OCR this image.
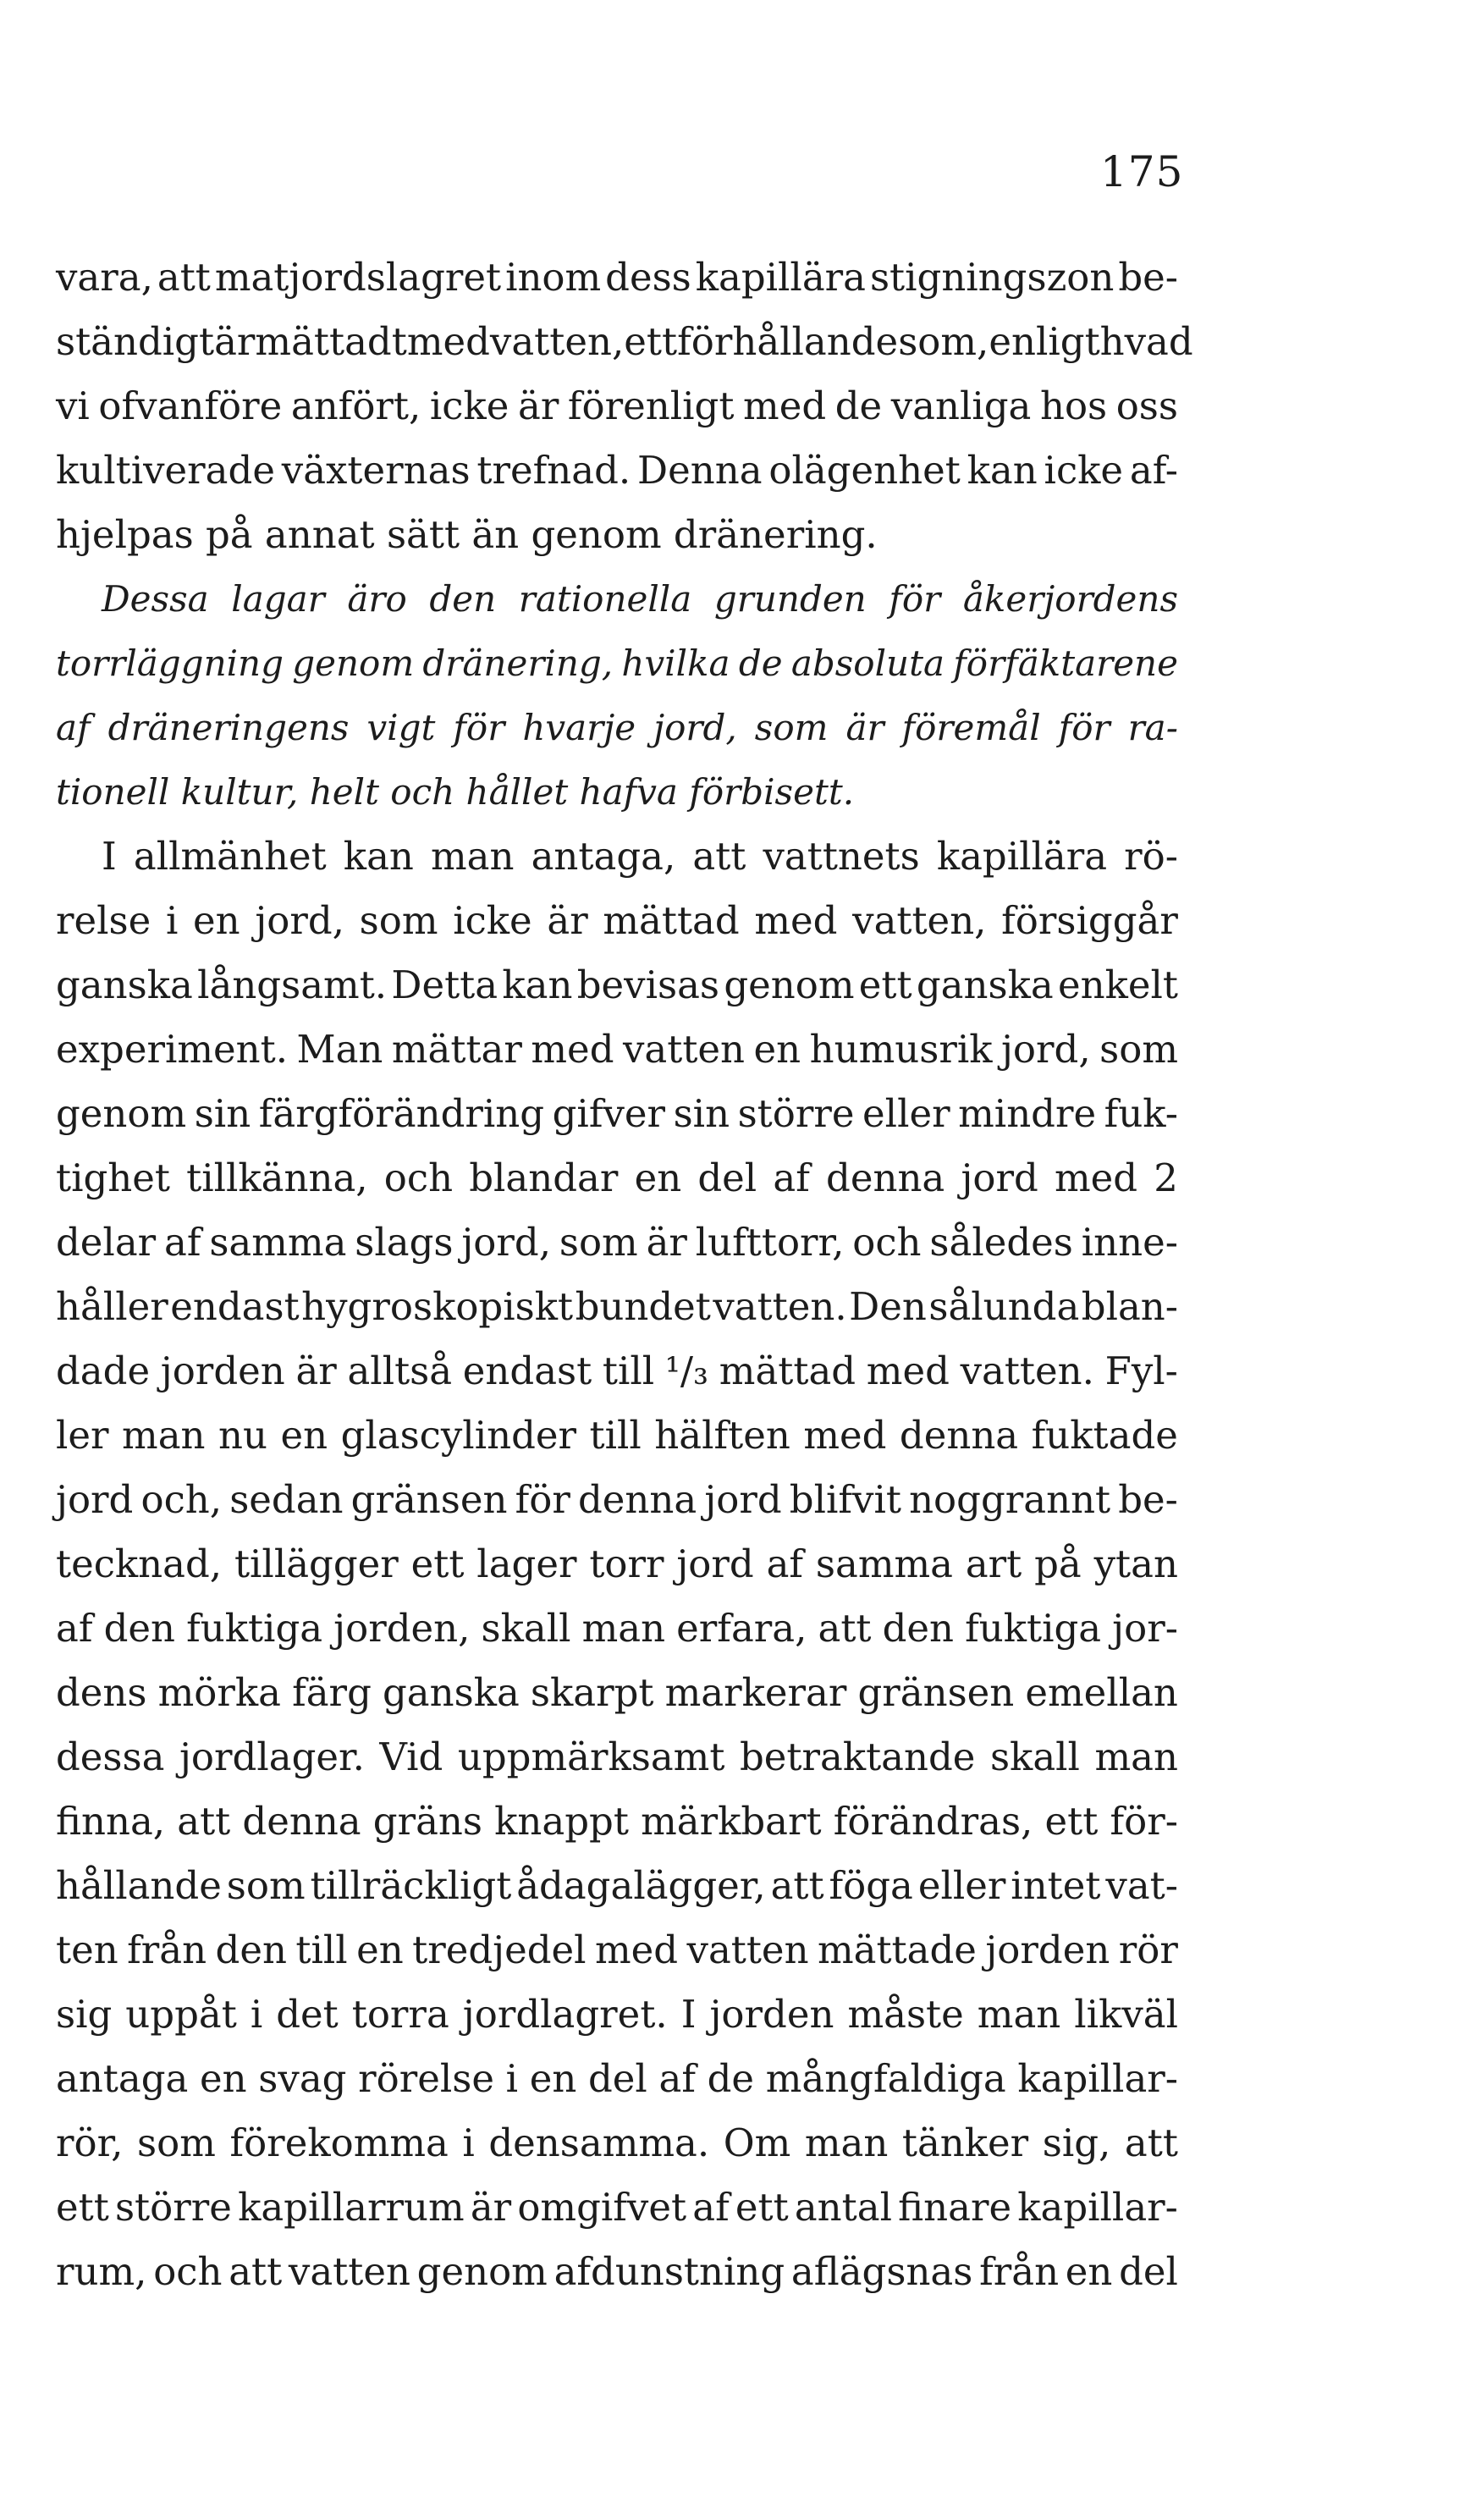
175
vara, att matjordslagret inom dess kapillära stigningszon be-
ständigt är mättadt med vatten, ett förhållande som, enligt hvad
vi ofvanföre anfört, icke är förenligt med de vanliga hos oss
kultiverade växternas trefnad. Denna olägenhet kan icke af-
hjelpas på annat sätt än genom dränering.
Dessa lagar äro den rationella grunden för åkerjordens
torrläggning genom dränering, hvilka de absoluta förfäktarene
af dräneringens vigt för hvarje jord, som är föremål för ra-
tionell kultur, helt och hållet hafva förbisett.
I allmänhet kan man antaga, att vattnets kapillära rö-
relse i en jord, som icke är mättad med vatten, försiggår
ganska långsamt. Detta kan bevisas genom ett ganska enkelt
experiment. Man mättar med vatten en humusrik jord, som
genom sin färgförändring gifver sin större eller mindre fuk-
tighet tillkänna, och blandar en del af denna jord med 2
delar af samma slags jord, som är lufttorr, och således inne-
håller endast hygroskopiskt bundet vatten. Den sålunda blan-
dade jorden är alltså endast till ¹/₃ mättad med vatten. Fyl-
ler man nu en glascylinder till hälften med denna fuktade
jord och, sedan gränsen för denna jord blifvit noggrannt be-
tecknad, tillägger ett lager torr jord af samma art på ytan
af den fuktiga jorden, skall man erfara, att den fuktiga jor-
dens mörka färg ganska skarpt markerar gränsen emellan
dessa jordlager. Vid uppmärksamt betraktande skall man
finna, att denna gräns knappt märkbart förändras, ett för-
hållande som tillräckligt ådagalägger, att föga eller intet vat-
ten från den till en tredjedel med vatten mättade jorden rör
sig uppåt i det torra jordlagret. I jorden måste man likväl
antaga en svag rörelse i en del af de mångfaldiga kapillar-
rör, som förekomma i densamma. Om man tänker sig, att
ett större kapillarrum är omgifvet af ett antal finare kapillar-
rum, och att vatten genom afdunstning aflägsnas från en del
